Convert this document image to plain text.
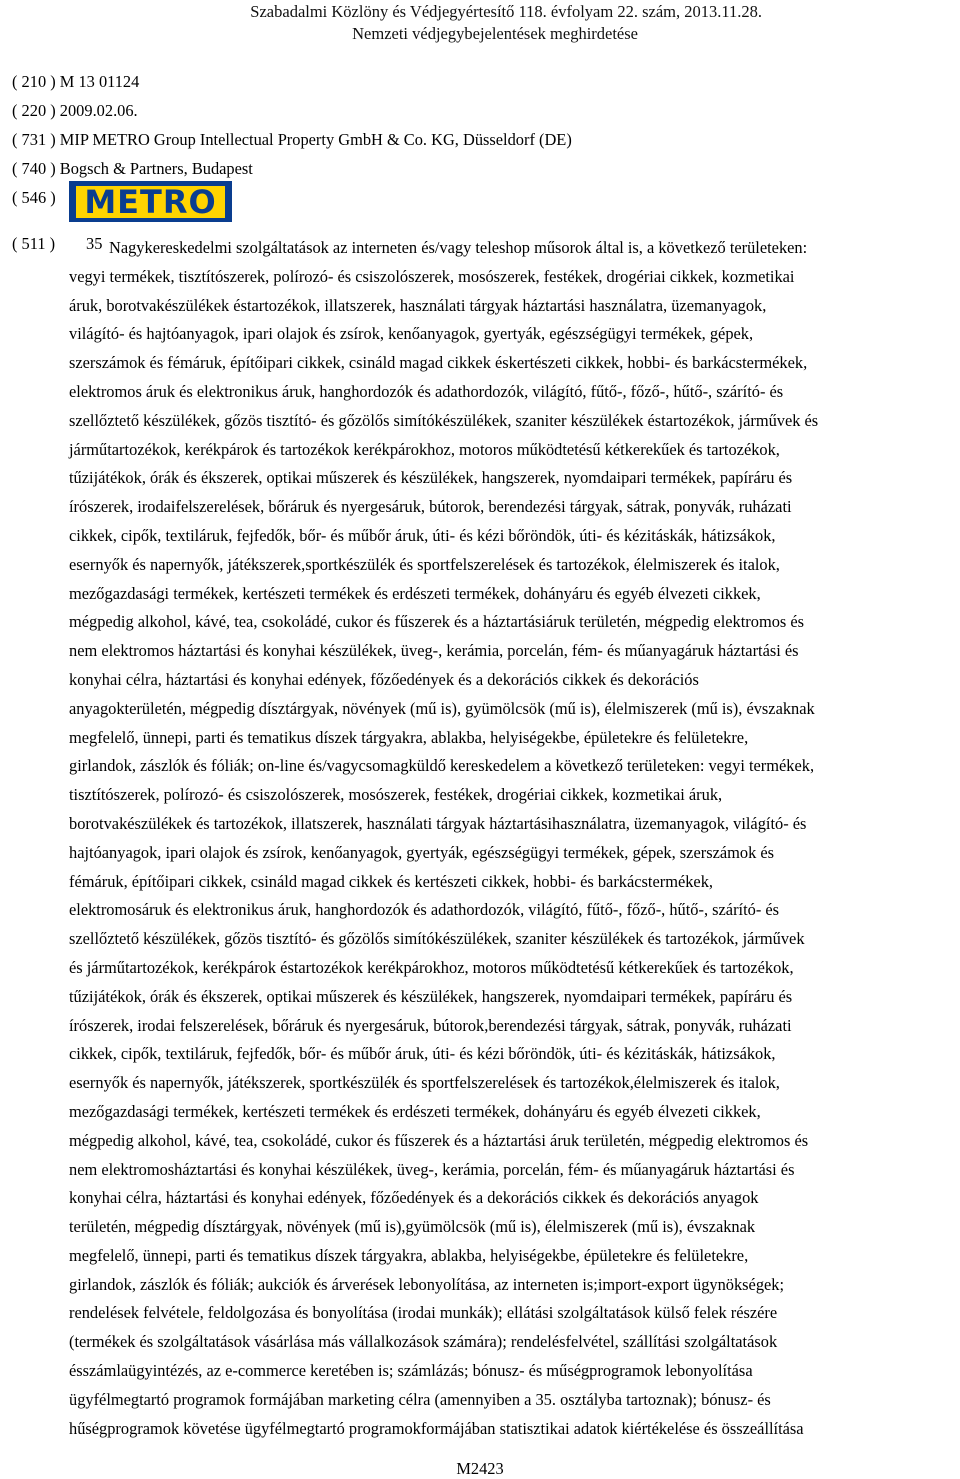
Szabadalmi Közlöny és Védjegyértesítő 118. évfolyam 22. szám, 2013.11.28.
Nemzeti védjegybejelentések meghirdetése
( 210 ) M 13 01124
( 220 ) 2009.02.06.
( 731 ) MIP METRO Group Intellectual Property GmbH & Co. KG, Düsseldorf (DE)
( 740 ) Bogsch & Partners, Budapest
( 546 ) METRO
( 511 ) 35 Nagykereskedelmi szolgáltatások az interneten és/vagy teleshop műsorok által is, a következő területeken:
vegyi termékek, tisztítószerek, polírozó- és csiszolószerek, mosószerek, festékek, drogériai cikkek, kozmetikai
áruk, borotvakészülékek éstartozékok, illatszerek, használati tárgyak háztartási használatra, üzemanyagok,
világító- és hajtóanyagok, ipari olajok és zsírok, kenőanyagok, gyertyák, egészségügyi termékek, gépek,
szerszámok és fémáruk, építőipari cikkek, csináld magad cikkek éskertészeti cikkek, hobbi- és barkácstermékek,
elektromos áruk és elektronikus áruk, hanghordozók és adathordozók, világító, fűtő-, főző-, hűtő-, szárító- és
szellőztető készülékek, gőzös tisztító- és gőzölős simítókészülékek, szaniter készülékek éstartozékok, járművek és
járműtartozékok, kerékpárok és tartozékok kerékpárokhoz, motoros működtetésű kétkerekűek és tartozékok,
tűzijátékok, órák és ékszerek, optikai műszerek és készülékek, hangszerek, nyomdaipari termékek, papíráru és
írószerek, irodaifelszerelések, bőráruk és nyergesáruk, bútorok, berendezési tárgyak, sátrak, ponyvák, ruházati
cikkek, cipők, textiláruk, fejfedők, bőr- és műbőr áruk, úti- és kézi bőröndök, úti- és kézitáskák, hátizsákok,
esernyők és napernyők, játékszerek,sportkészülék és sportfelszerelések és tartozékok, élelmiszerek és italok,
mezőgazdasági termékek, kertészeti termékek és erdészeti termékek, dohányáru és egyéb élvezeti cikkek,
mégpedig alkohol, kávé, tea, csokoládé, cukor és fűszerek és a háztartásiáruk területén, mégpedig elektromos és
nem elektromos háztartási és konyhai készülékek, üveg-, kerámia, porcelán, fém- és műanyagáruk háztartási és
konyhai célra, háztartási és konyhai edények, főzőedények és a dekorációs cikkek és dekorációs
anyagokterületén, mégpedig dísztárgyak, növények (mű is), gyümölcsök (mű is), élelmiszerek (mű is), évszaknak
megfelelő, ünnepi, parti és tematikus díszek tárgyakra, ablakba, helyiségekbe, épületekre és felületekre,
girlandok, zászlók és fóliák; on-line és/vagycsomagküldő kereskedelem a következő területeken: vegyi termékek,
tisztítószerek, polírozó- és csiszolószerek, mosószerek, festékek, drogériai cikkek, kozmetikai áruk,
borotvakészülékek és tartozékok, illatszerek, használati tárgyak háztartásihasználatra, üzemanyagok, világító- és
hajtóanyagok, ipari olajok és zsírok, kenőanyagok, gyertyák, egészségügyi termékek, gépek, szerszámok és
fémáruk, építőipari cikkek, csináld magad cikkek és kertészeti cikkek, hobbi- és barkácstermékek,
elektromosáruk és elektronikus áruk, hanghordozók és adathordozók, világító, fűtő-, főző-, hűtő-, szárító- és
szellőztető készülékek, gőzös tisztító- és gőzölős simítókészülékek, szaniter készülékek és tartozékok, járművek
és járműtartozékok, kerékpárok éstartozékok kerékpárokhoz, motoros működtetésű kétkerekűek és tartozékok,
tűzijátékok, órák és ékszerek, optikai műszerek és készülékek, hangszerek, nyomdaipari termékek, papíráru és
írószerek, irodai felszerelések, bőráruk és nyergesáruk, bútorok,berendezési tárgyak, sátrak, ponyvák, ruházati
cikkek, cipők, textiláruk, fejfedők, bőr- és műbőr áruk, úti- és kézi bőröndök, úti- és kézitáskák, hátizsákok,
esernyők és napernyők, játékszerek, sportkészülék és sportfelszerelések és tartozékok,élelmiszerek és italok,
mezőgazdasági termékek, kertészeti termékek és erdészeti termékek, dohányáru és egyéb élvezeti cikkek,
mégpedig alkohol, kávé, tea, csokoládé, cukor és fűszerek és a háztartási áruk területén, mégpedig elektromos és
nem elektromosháztartási és konyhai készülékek, üveg-, kerámia, porcelán, fém- és műanyagáruk háztartási és
konyhai célra, háztartási és konyhai edények, főzőedények és a dekorációs cikkek és dekorációs anyagok
területén, mégpedig dísztárgyak, növények (mű is),gyümölcsök (mű is), élelmiszerek (mű is), évszaknak
megfelelő, ünnepi, parti és tematikus díszek tárgyakra, ablakba, helyiségekbe, épületekre és felületekre,
girlandok, zászlók és fóliák; aukciók és árverések lebonyolítása, az interneten is;import-export ügynökségek;
rendelések felvétele, feldolgozása és bonyolítása (irodai munkák); ellátási szolgáltatások külső felek részére
(termékek és szolgáltatások vásárlása más vállalkozások számára); rendelésfelvétel, szállítási szolgáltatások
ésszámlaügyintézés, az e-commerce keretében is; számlázás; bónusz- és műségprogramok lebonyolítása
ügyfélmegtartó programok formájában marketing célra (amennyiben a 35. osztályba tartoznak); bónusz- és
hűségprogramok követése ügyfélmegtartó programokformájában statisztikai adatok kiértékelése és összeállítása
M2423
